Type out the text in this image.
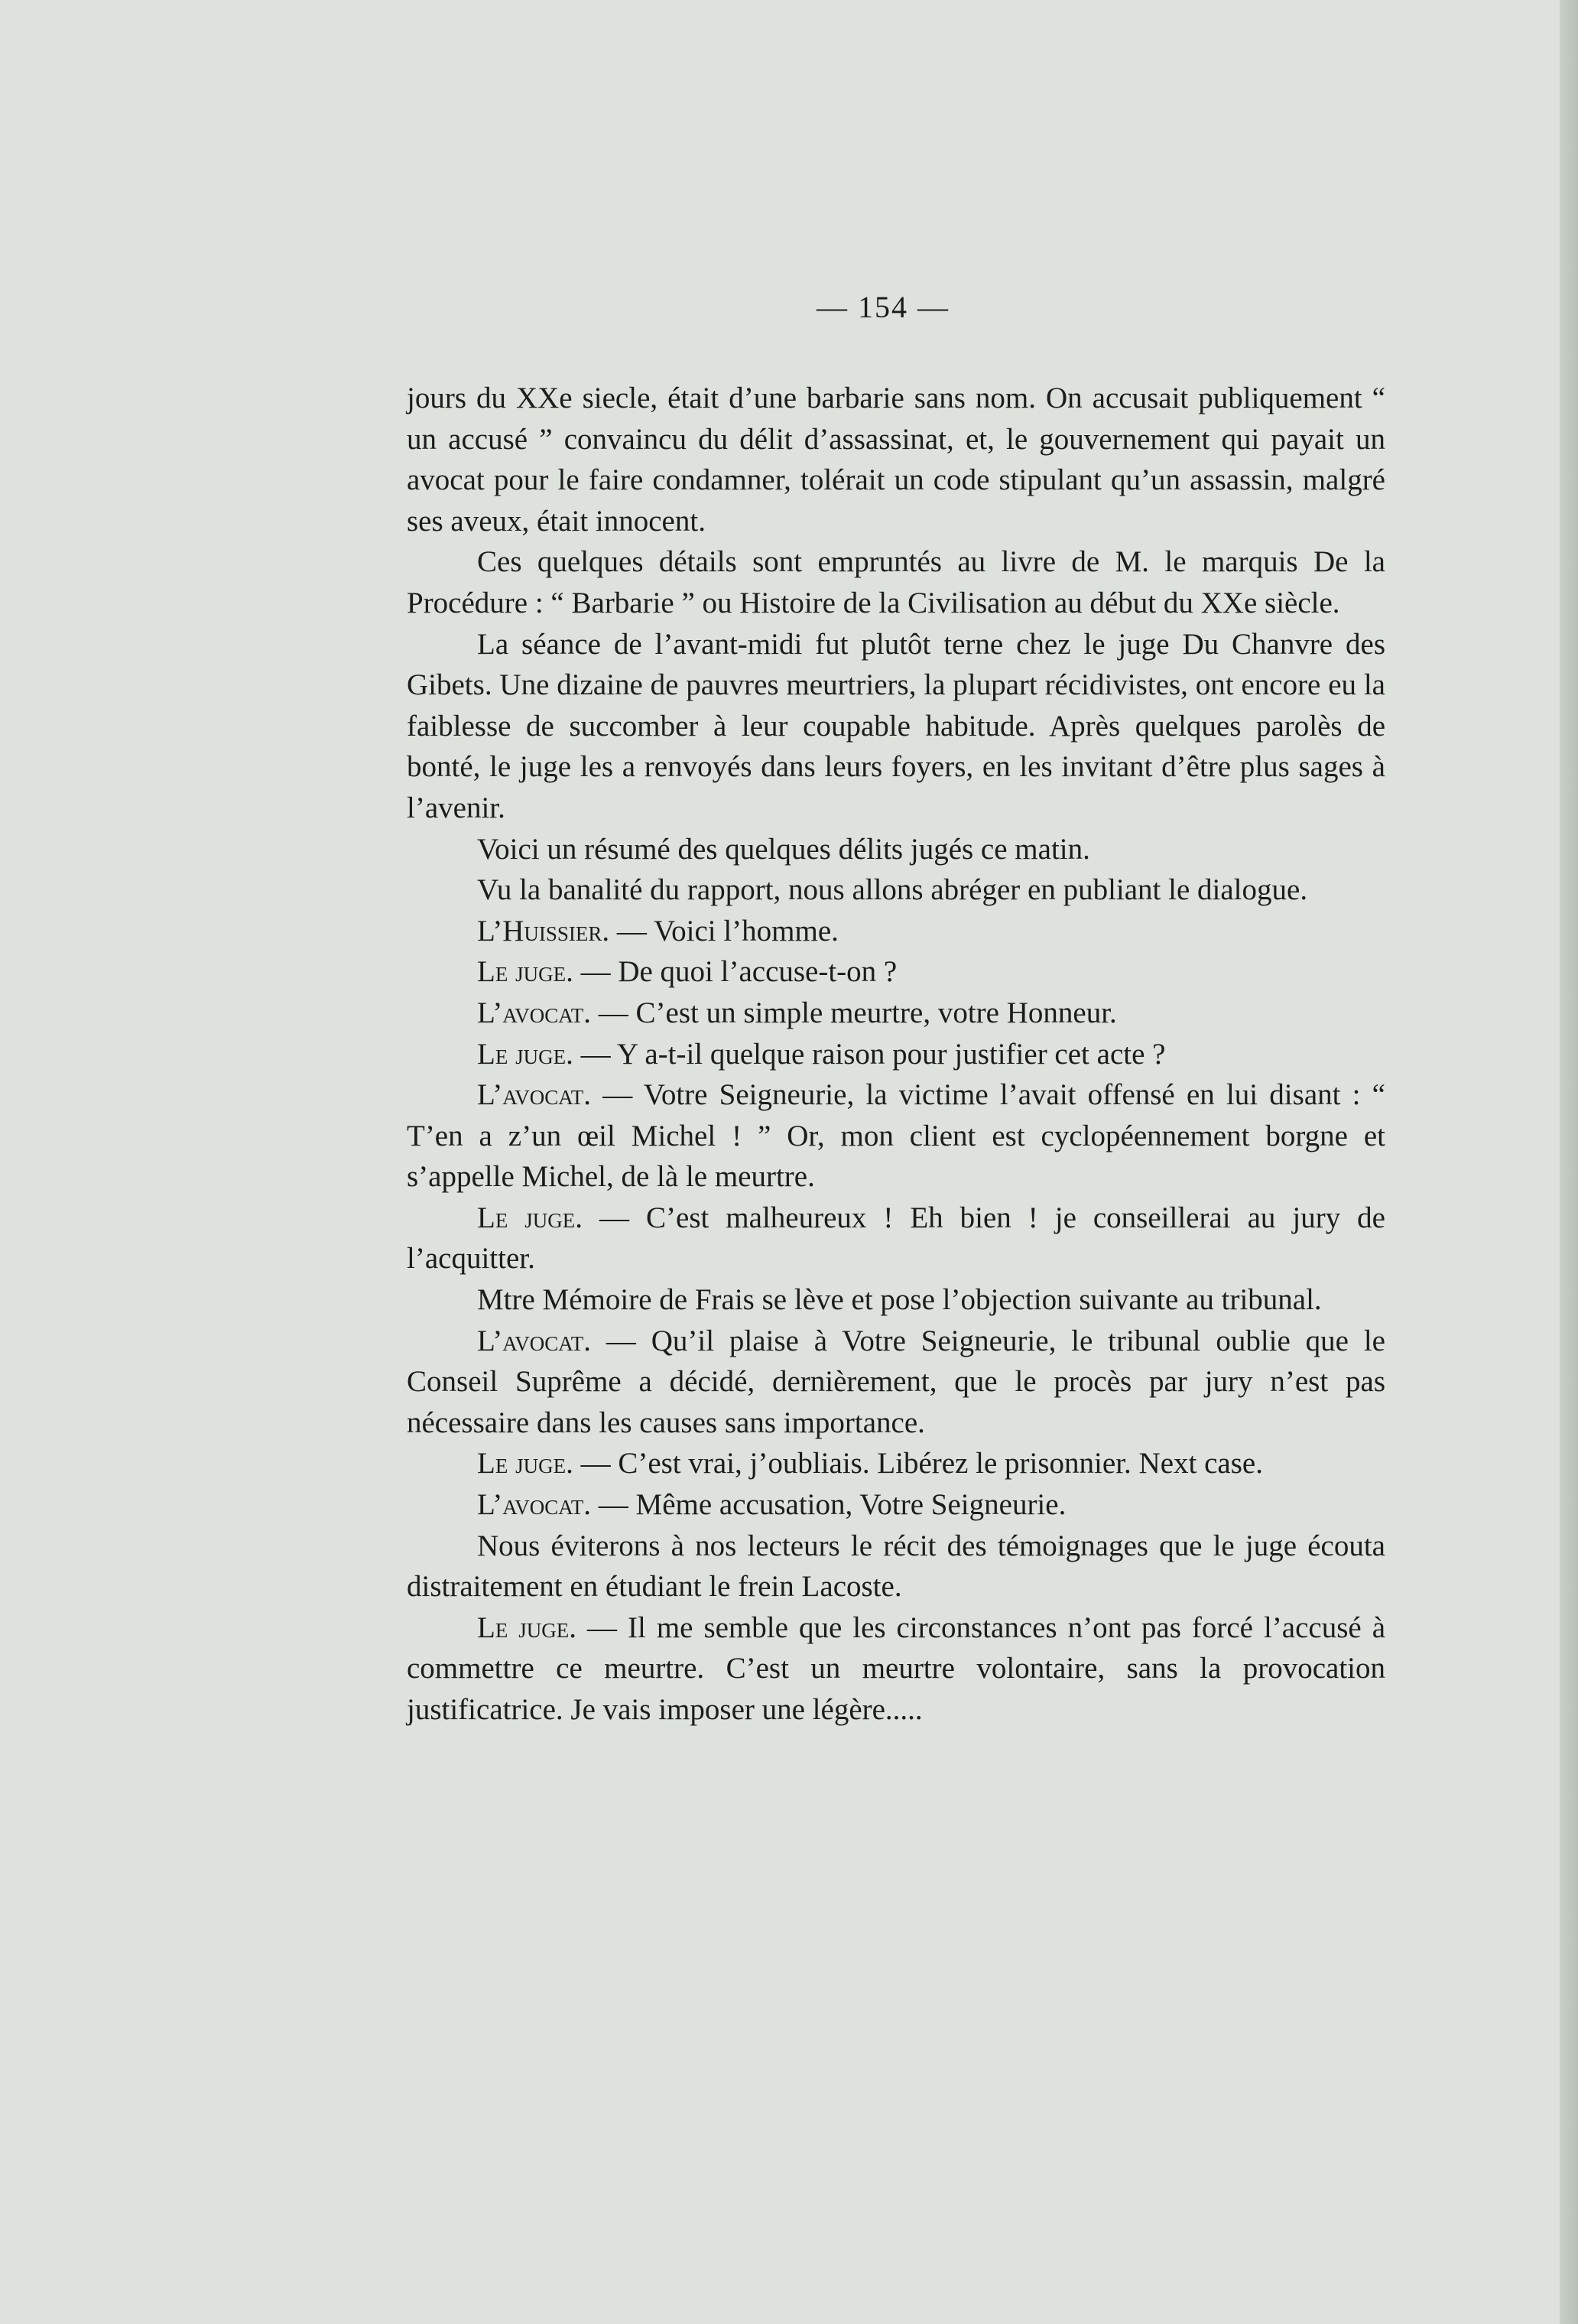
— 154 —

jours du XXe siecle, était d’une barbarie sans nom. On accusait publiquement “ un accusé ” convaincu du délit d’assassinat, et, le gouvernement qui payait un avocat pour le faire condamner, tolérait un code stipulant qu’un assassin, malgré ses aveux, était innocent.

Ces quelques détails sont empruntés au livre de M. le marquis De la Procédure : “ Barbarie ” ou Histoire de la Civilisation au début du XXe siècle.

La séance de l’avant-midi fut plutôt terne chez le juge Du Chanvre des Gibets. Une dizaine de pauvres meurtriers, la plupart récidivistes, ont encore eu la faiblesse de succomber à leur coupable habitude. Après quelques parolès de bonté, le juge les a renvoyés dans leurs foyers, en les invitant d’être plus sages à l’avenir.

Voici un résumé des quelques délits jugés ce matin.

Vu la banalité du rapport, nous allons abréger en publiant le dialogue.

L’Huissier. — Voici l’homme.

Le juge. — De quoi l’accuse-t-on ?

L’avocat. — C’est un simple meurtre, votre Honneur.

Le juge. — Y a-t-il quelque raison pour justifier cet acte ?

L’avocat. — Votre Seigneurie, la victime l’avait offensé en lui disant : “ T’en a z’un œil Michel ! ” Or, mon client est cyclopéennement borgne et s’appelle Michel, de là le meurtre.

Le juge. — C’est malheureux ! Eh bien ! je conseillerai au jury de l’acquitter.

Mtre Mémoire de Frais se lève et pose l’objection suivante au tribunal.

L’avocat. — Qu’il plaise à Votre Seigneurie, le tribunal oublie que le Conseil Suprême a décidé, dernièrement, que le procès par jury n’est pas nécessaire dans les causes sans importance.

Le juge. — C’est vrai, j’oubliais. Libérez le prisonnier. Next case.

L’avocat. — Même accusation, Votre Seigneurie.

Nous éviterons à nos lecteurs le récit des témoignages que le juge écouta distraitement en étudiant le frein Lacoste.

Le juge. — Il me semble que les circonstances n’ont pas forcé l’accusé à commettre ce meurtre. C’est un meurtre volontaire, sans la provocation justificatrice. Je vais imposer une légère.....
